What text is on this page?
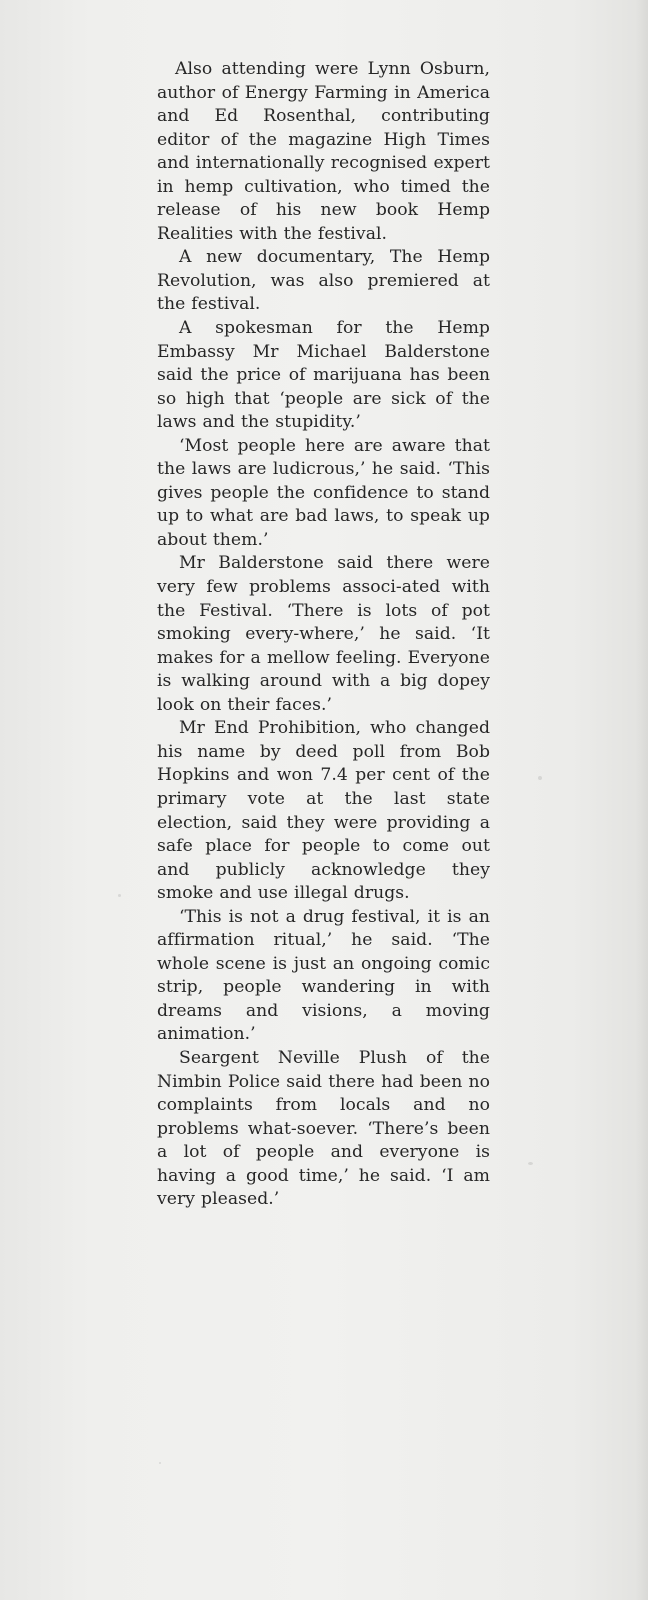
Also attending were Lynn Osburn, author of Energy Farming in America and Ed Rosenthal, contributing editor of the magazine High Times and internationally recognised expert in hemp cultivation, who timed the release of his new book Hemp Realities with the festival.

A new documentary, The Hemp Revolution, was also premiered at the festival.

A spokesman for the Hemp Embassy Mr Michael Balderstone said the price of marijuana has been so high that ‘people are sick of the laws and the stupidity.’

‘Most people here are aware that the laws are ludicrous,’ he said. ‘This gives people the confidence to stand up to what are bad laws, to speak up about them.’

Mr Balderstone said there were very few problems associ-ated with the Festival. ‘There is lots of pot smoking every-where,’ he said. ‘It makes for a mellow feeling. Everyone is walking around with a big dopey look on their faces.’

Mr End Prohibition, who changed his name by deed poll from Bob Hopkins and won 7.4 per cent of the primary vote at the last state election, said they were providing a safe place for people to come out and publicly acknowledge they smoke and use illegal drugs.

‘This is not a drug festival, it is an affirmation ritual,’ he said. ‘The whole scene is just an ongoing comic strip, people wandering in with dreams and visions, a moving animation.’

Seargent Neville Plush of the Nimbin Police said there had been no complaints from locals and no problems what-soever. ‘There’s been a lot of people and everyone is having a good time,’ he said. ‘I am very pleased.’
